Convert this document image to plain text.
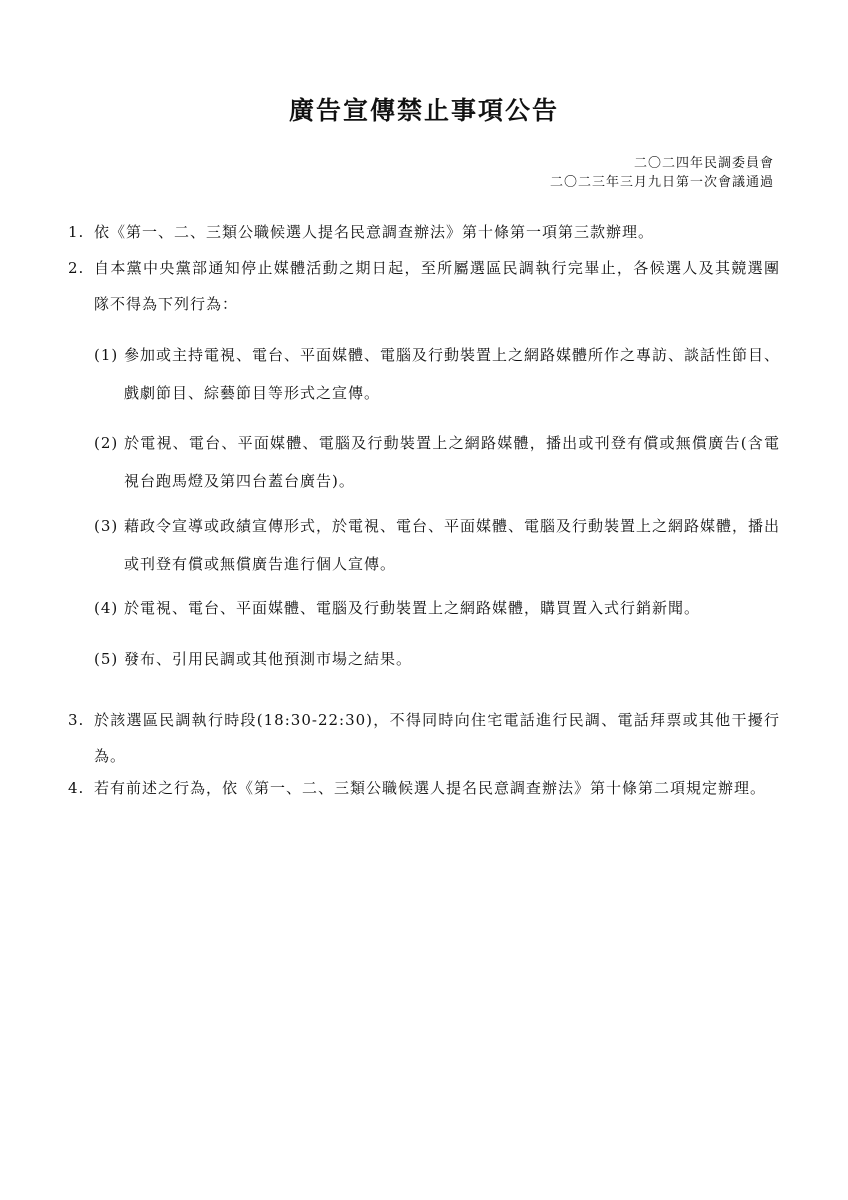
廣告宣傳禁止事項公告
二〇二四年民調委員會
二〇二三年三月九日第一次會議通過
1. 依《第一、二、三類公職候選人提名民意調查辦法》第十條第一項第三款辦理。
2. 自本黨中央黨部通知停止媒體活動之期日起，至所屬選區民調執行完畢止，各候選人及其競選團隊不得為下列行為：
(1) 參加或主持電視、電台、平面媒體、電腦及行動裝置上之網路媒體所作之專訪、談話性節目、戲劇節目、綜藝節目等形式之宣傳。
(2) 於電視、電台、平面媒體、電腦及行動裝置上之網路媒體，播出或刊登有償或無償廣告(含電視台跑馬燈及第四台蓋台廣告)。
(3) 藉政令宣導或政績宣傳形式，於電視、電台、平面媒體、電腦及行動裝置上之網路媒體，播出或刊登有償或無償廣告進行個人宣傳。
(4) 於電視、電台、平面媒體、電腦及行動裝置上之網路媒體，購買置入式行銷新聞。
(5) 發布、引用民調或其他預測市場之結果。
3. 於該選區民調執行時段(18:30-22:30)，不得同時向住宅電話進行民調、電話拜票或其他干擾行為。
4. 若有前述之行為，依《第一、二、三類公職候選人提名民意調查辦法》第十條第二項規定辦理。
